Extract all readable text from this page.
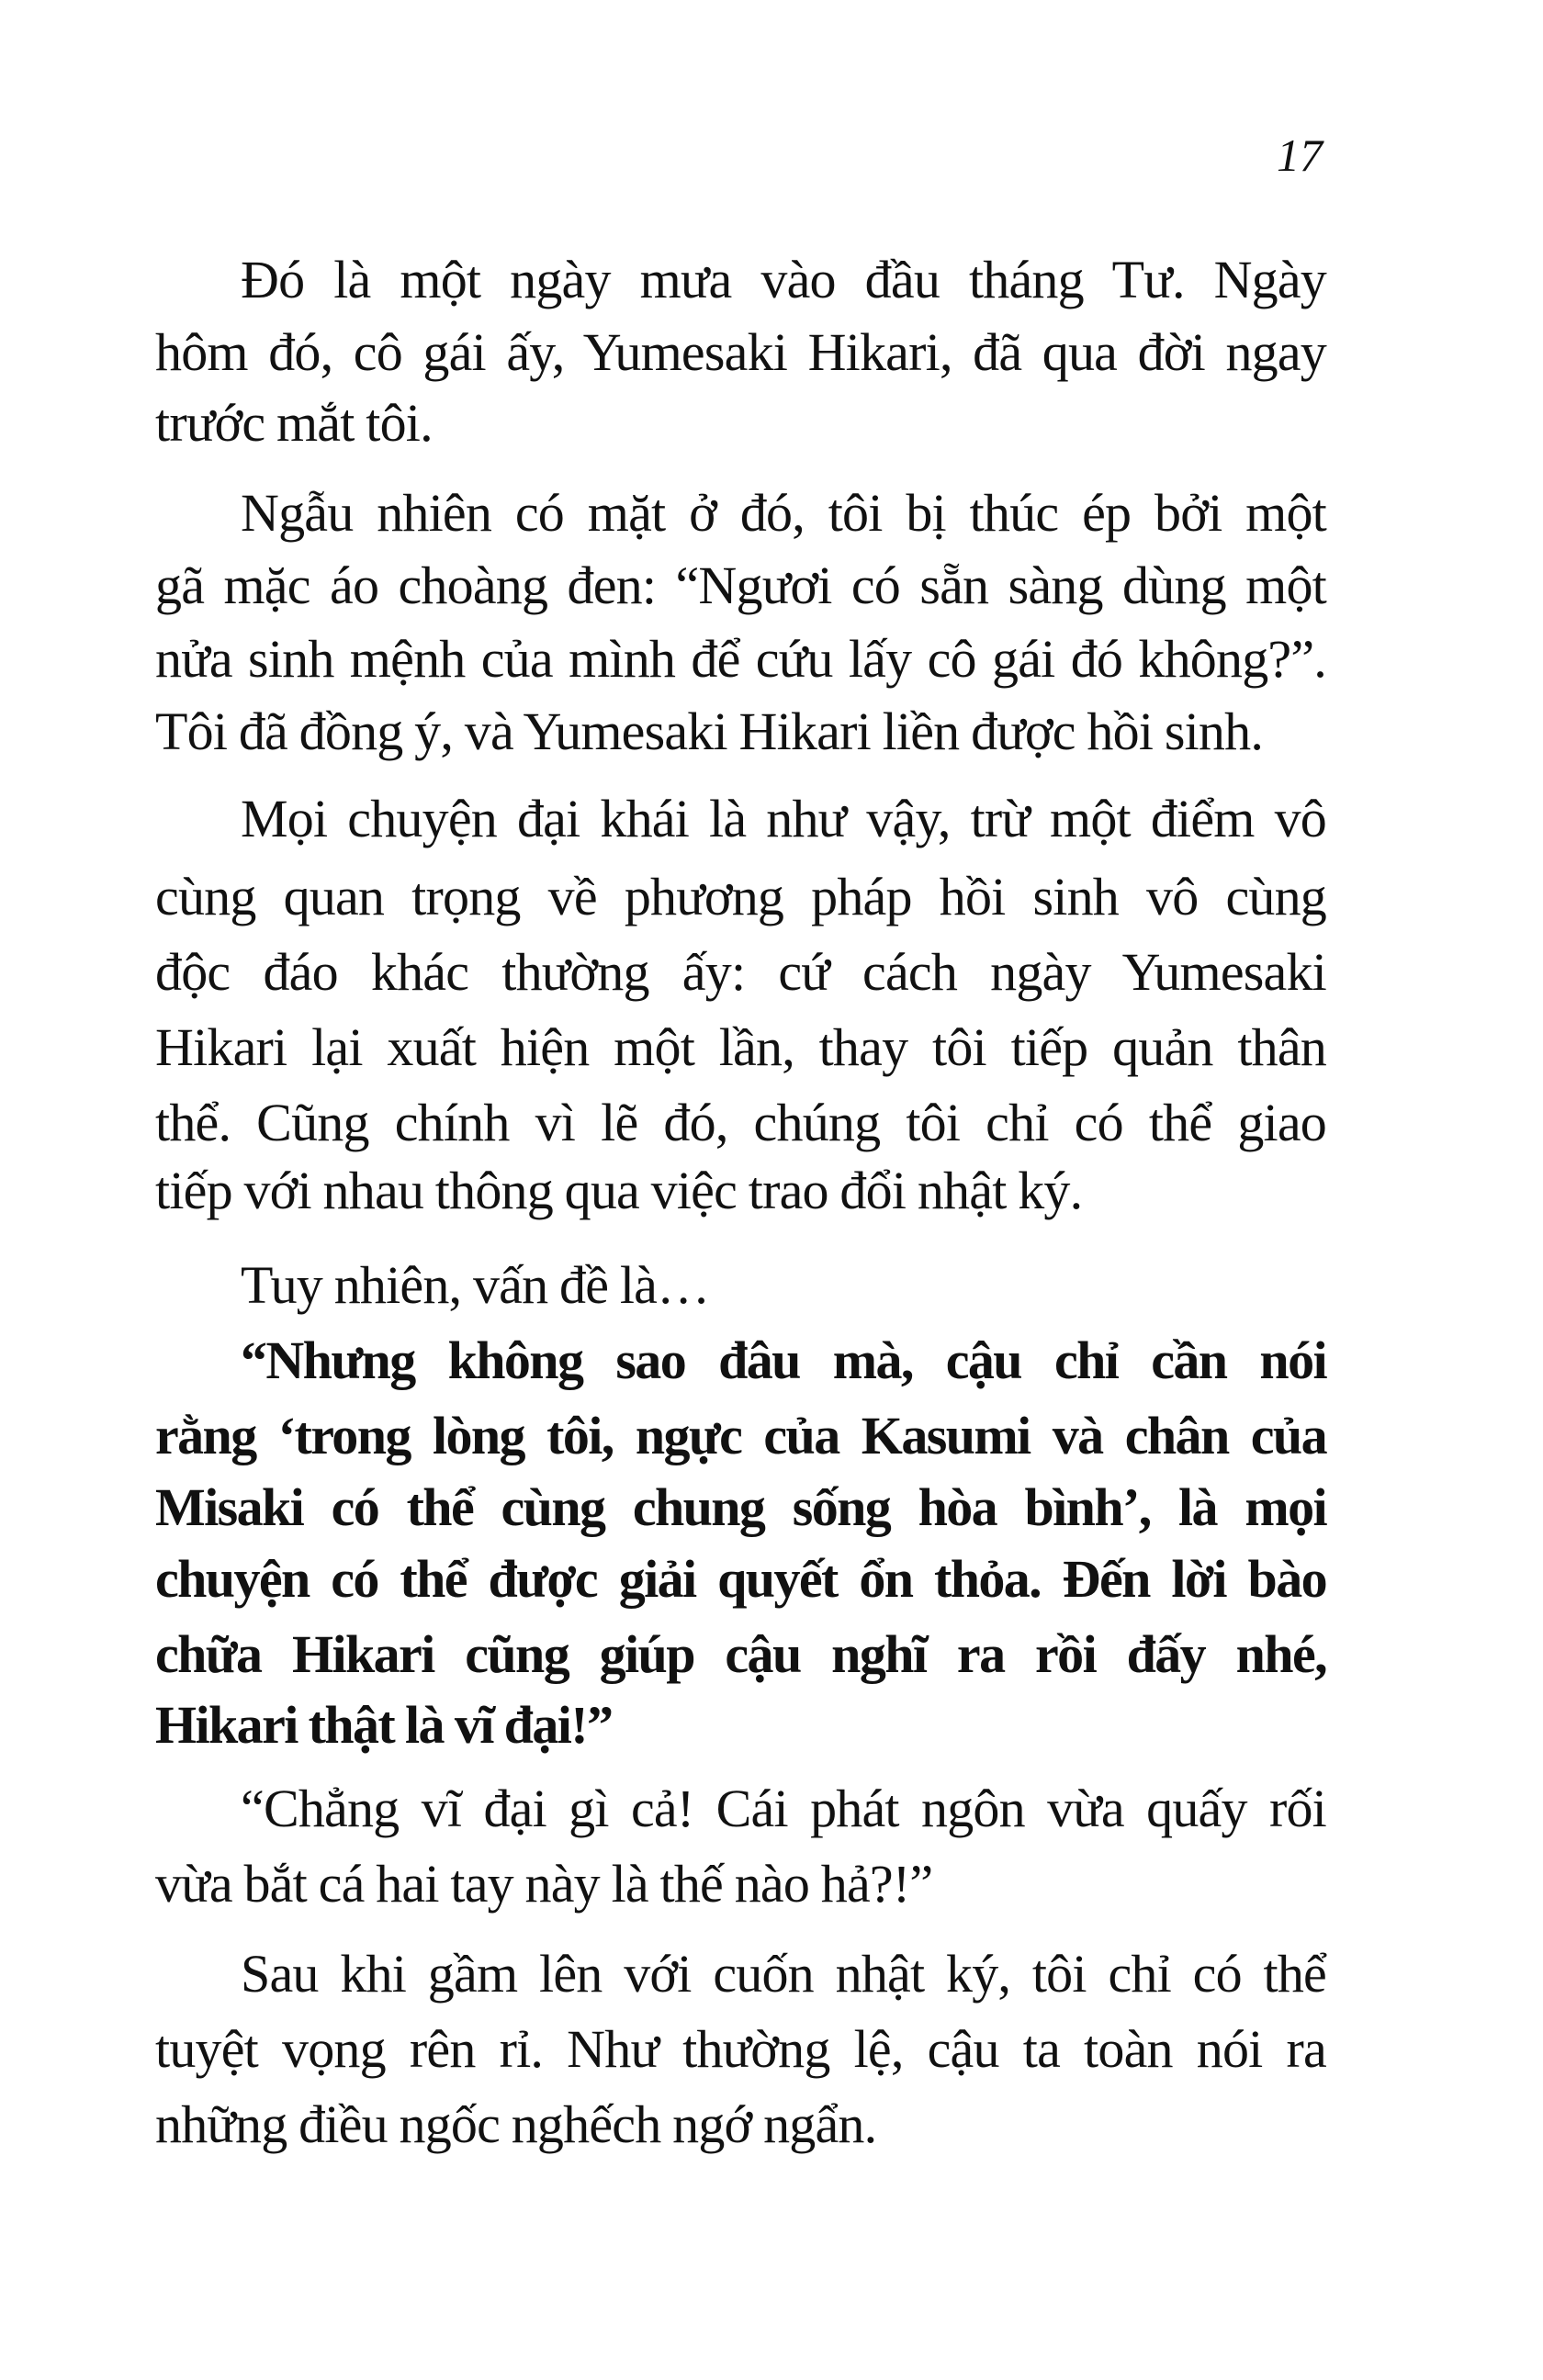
17
Đó là một ngày mưa vào đầu tháng Tư. Ngày
hôm đó, cô gái ấy, Yumesaki Hikari, đã qua đời ngay
trước mắt tôi.
Ngẫu nhiên có mặt ở đó, tôi bị thúc ép bởi một
gã mặc áo choàng đen: “Ngươi có sẵn sàng dùng một
nửa sinh mệnh của mình để cứu lấy cô gái đó không?”.
Tôi đã đồng ý, và Yumesaki Hikari liền được hồi sinh.
Mọi chuyện đại khái là như vậy, trừ một điểm vô
cùng quan trọng về phương pháp hồi sinh vô cùng
độc đáo khác thường ấy: cứ cách ngày Yumesaki
Hikari lại xuất hiện một lần, thay tôi tiếp quản thân
thể. Cũng chính vì lẽ đó, chúng tôi chỉ có thể giao
tiếp với nhau thông qua việc trao đổi nhật ký.
Tuy nhiên, vấn đề là…
“Nhưng không sao đâu mà, cậu chỉ cần nói
rằng ‘trong lòng tôi, ngực của Kasumi và chân của
Misaki có thể cùng chung sống hòa bình’, là mọi
chuyện có thể được giải quyết ổn thỏa. Đến lời bào
chữa Hikari cũng giúp cậu nghĩ ra rồi đấy nhé,
Hikari thật là vĩ đại!”
“Chẳng vĩ đại gì cả! Cái phát ngôn vừa quấy rối
vừa bắt cá hai tay này là thế nào hả?!”
Sau khi gầm lên với cuốn nhật ký, tôi chỉ có thể
tuyệt vọng rên rỉ. Như thường lệ, cậu ta toàn nói ra
những điều ngốc nghếch ngớ ngẩn.
